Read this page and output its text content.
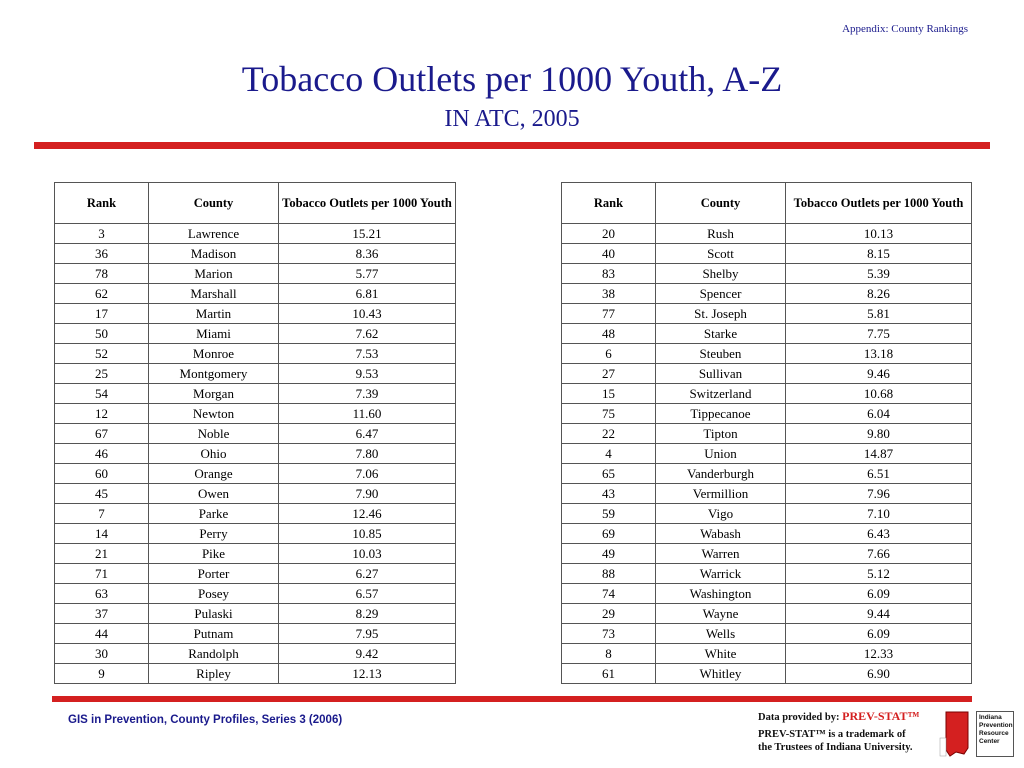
Appendix: County Rankings
Tobacco Outlets per 1000 Youth, A-Z
IN ATC, 2005
Rank	County	Tobacco Outlets per 1000 Youth
3	Lawrence	15.21
36	Madison	8.36
78	Marion	5.77
62	Marshall	6.81
17	Martin	10.43
50	Miami	7.62
52	Monroe	7.53
25	Montgomery	9.53
54	Morgan	7.39
12	Newton	11.60
67	Noble	6.47
46	Ohio	7.80
60	Orange	7.06
45	Owen	7.90
7	Parke	12.46
14	Perry	10.85
21	Pike	10.03
71	Porter	6.27
63	Posey	6.57
37	Pulaski	8.29
44	Putnam	7.95
30	Randolph	9.42
9	Ripley	12.13
Rank	County	Tobacco Outlets per 1000 Youth
20	Rush	10.13
40	Scott	8.15
83	Shelby	5.39
38	Spencer	8.26
77	St. Joseph	5.81
48	Starke	7.75
6	Steuben	13.18
27	Sullivan	9.46
15	Switzerland	10.68
75	Tippecanoe	6.04
22	Tipton	9.80
4	Union	14.87
65	Vanderburgh	6.51
43	Vermillion	7.96
59	Vigo	7.10
69	Wabash	6.43
49	Warren	7.66
88	Warrick	5.12
74	Washington	6.09
29	Wayne	9.44
73	Wells	6.09
8	White	12.33
61	Whitley	6.90
GIS in Prevention, County Profiles, Series 3 (2006)	Data provided by: PREV-STAT™
PREV-STAT™ is a trademark of
the Trustees of Indiana University.
Indiana Prevention Resource Center
